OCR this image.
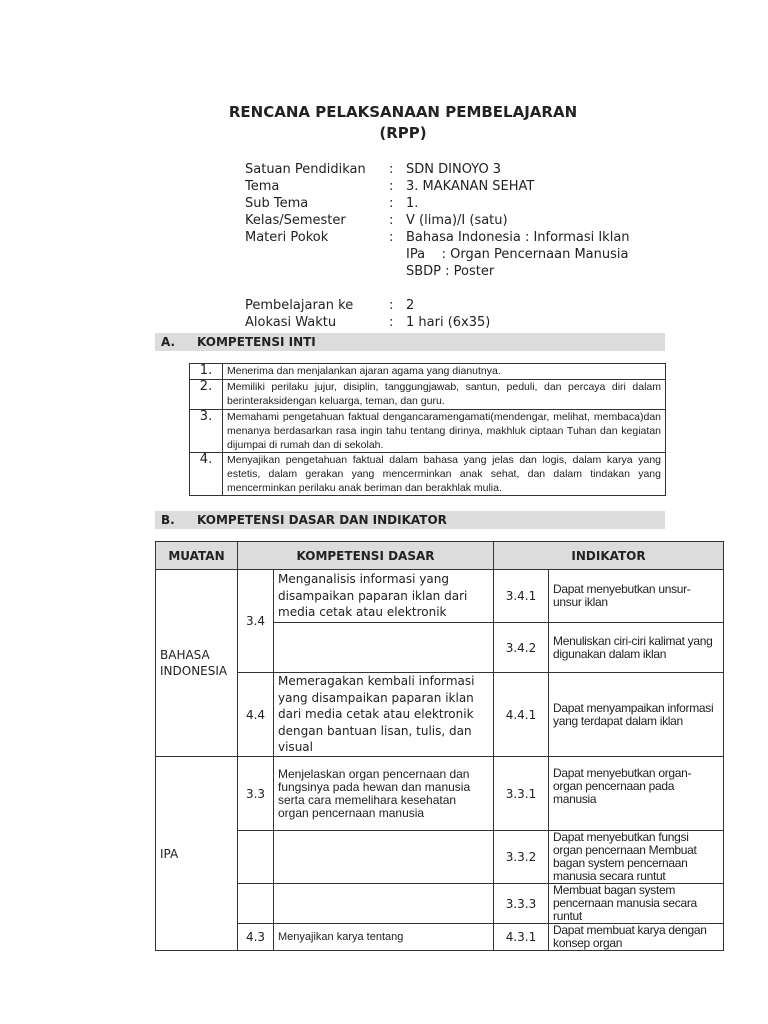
RENCANA PELAKSANAAN PEMBELAJARAN
(RPP)
Satuan Pendidikan	: SDN DINOYO 3
Tema	: 3. MAKANAN SEHAT
Sub Tema	: 1.
Kelas/Semester	: V (lima)/I (satu)
Materi Pokok	: Bahasa Indonesia : Informasi Iklan
IPa    : Organ Pencernaan Manusia
SBDP : Poster
Pembelajaran ke	: 2
Alokasi Waktu	: 1 hari (6x35)
A. KOMPETENSI INTI
1.	Menerima dan menjalankan ajaran agama yang dianutnya.
2.	Memiliki perilaku jujur, disiplin, tanggungjawab, santun, peduli, dan percaya diri dalam berinteraksidengan keluarga, teman, dan guru.
3.	Memahami pengetahuan faktual dengancaramengamati(mendengar, melihat, membaca)dan menanya berdasarkan rasa ingin tahu tentang dirinya, makhluk ciptaan Tuhan dan kegiatan dijumpai di rumah dan di sekolah.
4.	Menyajikan pengetahuan faktual dalam bahasa yang jelas dan logis, dalam karya yang estetis, dalam gerakan yang mencerminkan anak sehat, dan dalam tindakan yang mencerminkan perilaku anak beriman dan berakhlak mulia.
B. KOMPETENSI DASAR DAN INDIKATOR
MUATAN	KOMPETENSI DASAR		INDIKATOR	
BAHASA INDONESIA	3.4	Menganalisis informasi yang disampaikan paparan iklan dari media cetak atau elektronik	3.4.1	Dapat menyebutkan unsur-unsur iklan
			3.4.2	Menuliskan ciri-ciri kalimat yang digunakan dalam iklan
	4.4	Memeragakan kembali informasi yang disampaikan paparan iklan dari media cetak atau elektronik dengan bantuan lisan, tulis, dan visual	4.4.1	Dapat menyampaikan informasi yang terdapat dalam iklan
IPA	3.3	Menjelaskan organ pencernaan dan fungsinya pada hewan dan manusia serta cara memelihara kesehatan organ pencernaan manusia	3.3.1	Dapat menyebutkan organ-organ pencernaan pada manusia
			3.3.2	Dapat menyebutkan fungsi organ pencernaan Membuat bagan system pencernaan manusia secara runtut
			3.3.3	Membuat bagan system pencernaan manusia secara runtut
	4.3	Menyajikan karya tentang	4.3.1	Dapat membuat karya dengan konsep organ
